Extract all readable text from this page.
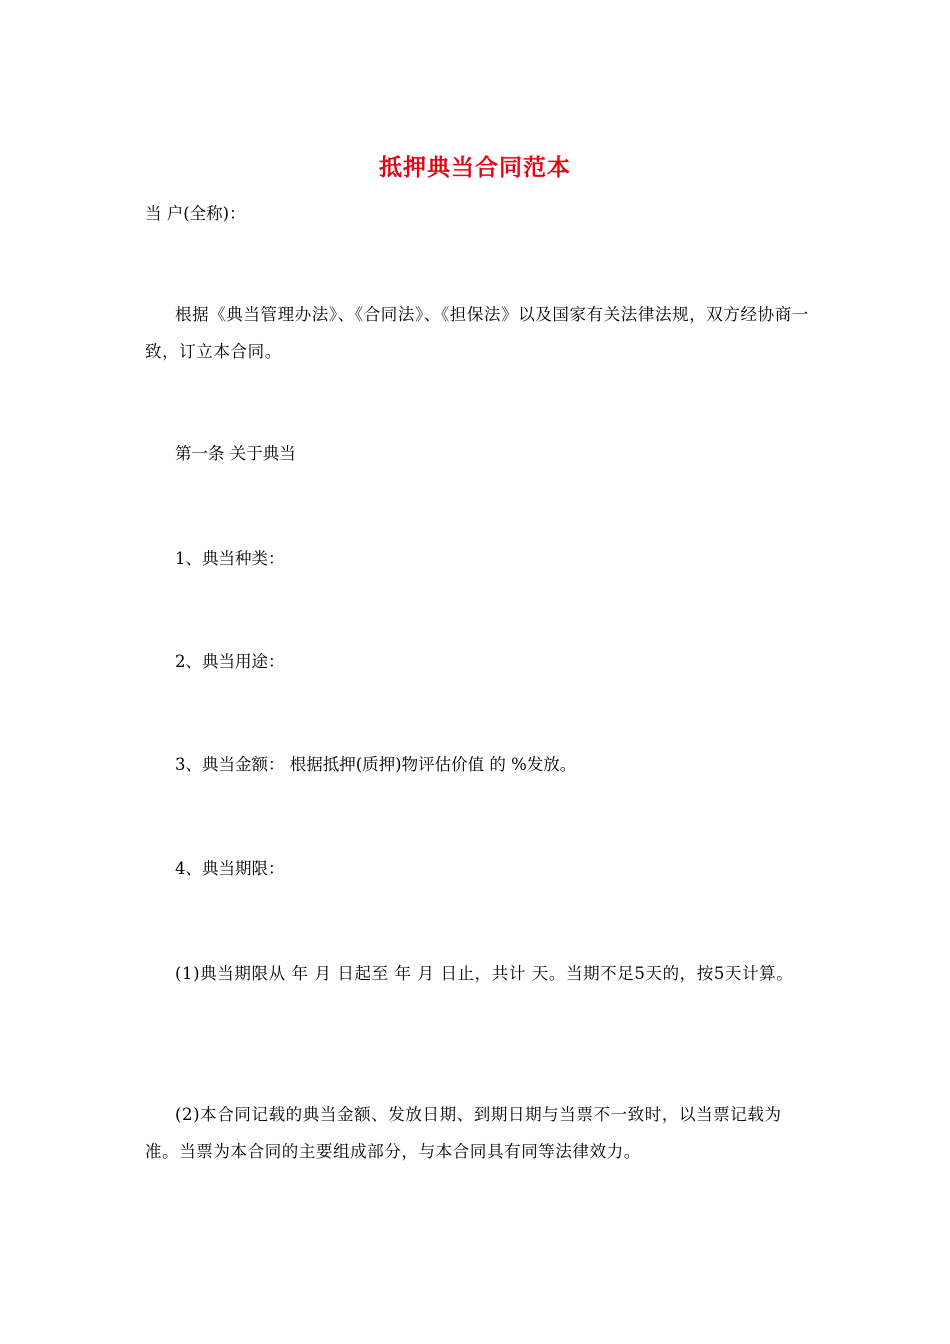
抵押典当合同范本
当 户(全称)：
根据《典当管理办法》、《合同法》、《担保法》以及国家有关法律法规，双方经协商一致，订立本合同。
第一条 关于典当
1、典当种类：
2、典当用途：
3、典当金额： 根据抵押(质押)物评估价值 的 %发放。
4、典当期限：
(1)典当期限从 年 月 日起至 年 月 日止，共计 天。当期不足5天的，按5天计算。
(2)本合同记载的典当金额、发放日期、到期日期与当票不一致时，以当票记载为准。当票为本合同的主要组成部分，与本合同具有同等法律效力。
